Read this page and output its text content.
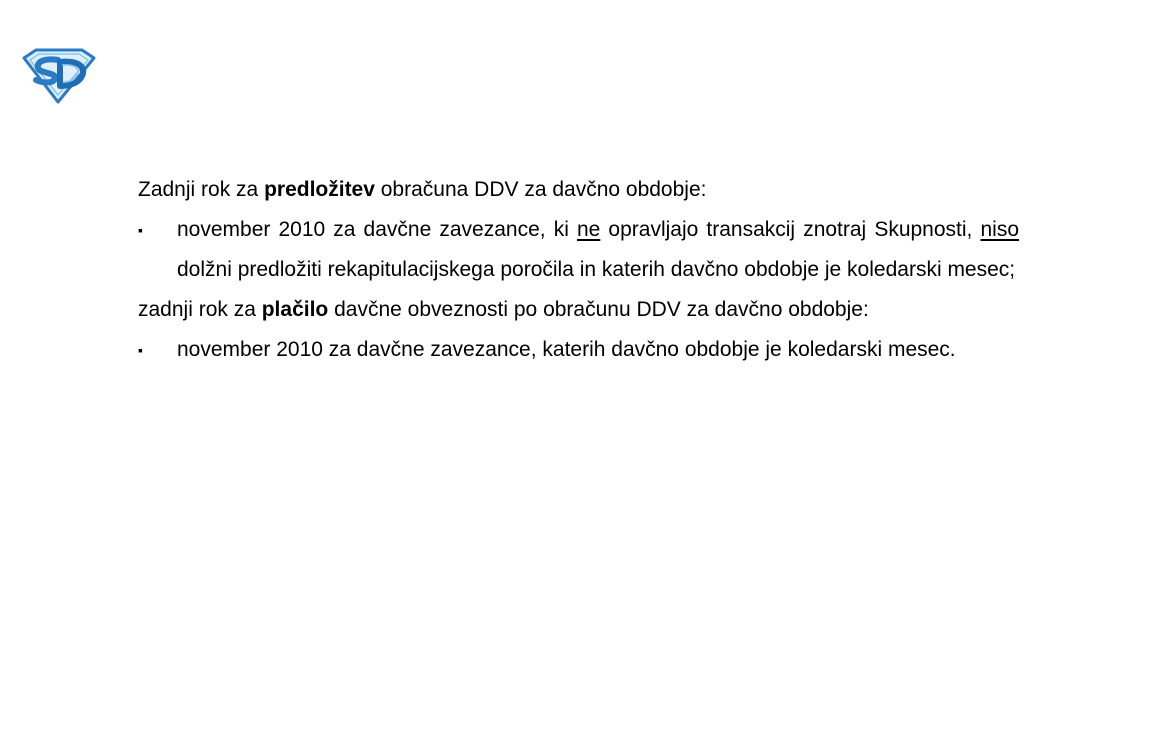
Zadnji rok za predložitev obračuna DDV za davčno obdobje:

▪	november 2010 za davčne zavezance, ki ne opravljajo transakcij znotraj Skupnosti, niso dolžni predložiti rekapitulacijskega poročila in katerih davčno obdobje je koledarski mesec;

zadnji rok za plačilo davčne obveznosti po obračunu DDV za davčno obdobje:

▪	november 2010 za davčne zavezance, katerih davčno obdobje je koledarski mesec.
